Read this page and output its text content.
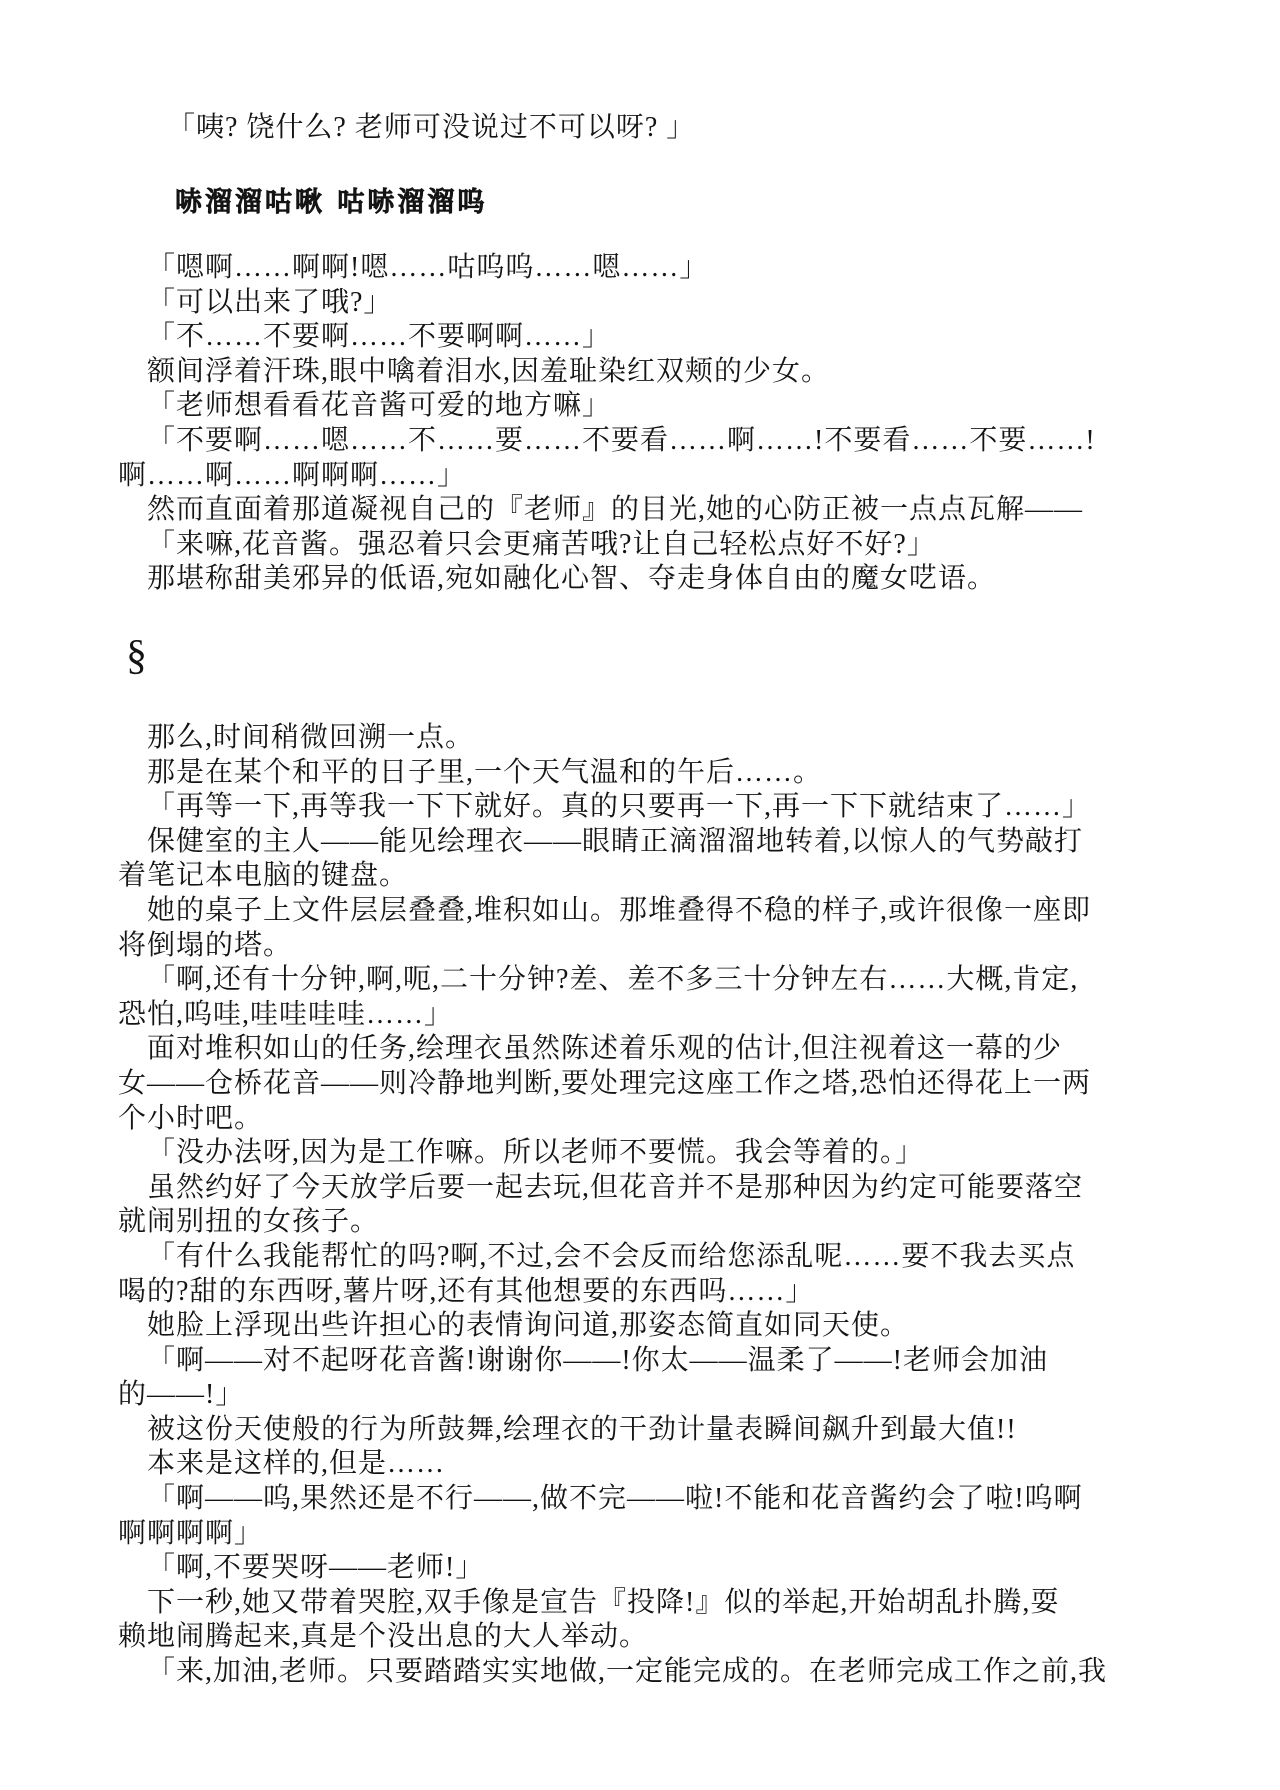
「咦? 饶什么? 老师可没说过不可以呀? 」
哧溜溜咕啾 咕哧溜溜呜
「嗯啊……啊啊!嗯……咕呜呜……嗯……」
「可以出来了哦?」
「不……不要啊……不要啊啊……」
额间浮着汗珠,眼中噙着泪水,因羞耻染红双颊的少女。
「老师想看看花音酱可爱的地方嘛」
「不要啊……嗯……不……要……不要看……啊……!不要看……不要……!
啊……啊……啊啊啊……」
然而直面着那道凝视自己的『老师』的目光,她的心防正被一点点瓦解——
「来嘛,花音酱。强忍着只会更痛苦哦?让自己轻松点好不好?」
那堪称甜美邪异的低语,宛如融化心智、夺走身体自由的魔女呓语。
§
那么,时间稍微回溯一点。
那是在某个和平的日子里,一个天气温和的午后……。
「再等一下,再等我一下下就好。真的只要再一下,再一下下就结束了……」
保健室的主人——能见绘理衣——眼睛正滴溜溜地转着,以惊人的气势敲打
着笔记本电脑的键盘。
她的桌子上文件层层叠叠,堆积如山。那堆叠得不稳的样子,或许很像一座即
将倒塌的塔。
「啊,还有十分钟,啊,呃,二十分钟?差、差不多三十分钟左右……大概,肯定,
恐怕,呜哇,哇哇哇哇……」
面对堆积如山的任务,绘理衣虽然陈述着乐观的估计,但注视着这一幕的少
女——仓桥花音——则冷静地判断,要处理完这座工作之塔,恐怕还得花上一两
个小时吧。
「没办法呀,因为是工作嘛。所以老师不要慌。我会等着的。」
虽然约好了今天放学后要一起去玩,但花音并不是那种因为约定可能要落空
就闹别扭的女孩子。
「有什么我能帮忙的吗?啊,不过,会不会反而给您添乱呢……要不我去买点
喝的?甜的东西呀,薯片呀,还有其他想要的东西吗……」
她脸上浮现出些许担心的表情询问道,那姿态简直如同天使。
「啊——对不起呀花音酱!谢谢你——!你太——温柔了——!老师会加油
的——!」
被这份天使般的行为所鼓舞,绘理衣的干劲计量表瞬间飙升到最大值!!
本来是这样的,但是……
「啊——呜,果然还是不行——,做不完——啦!不能和花音酱约会了啦!呜啊
啊啊啊啊」
「啊,不要哭呀——老师!」
下一秒,她又带着哭腔,双手像是宣告『投降!』似的举起,开始胡乱扑腾,耍
赖地闹腾起来,真是个没出息的大人举动。
「来,加油,老师。只要踏踏实实地做,一定能完成的。在老师完成工作之前,我
